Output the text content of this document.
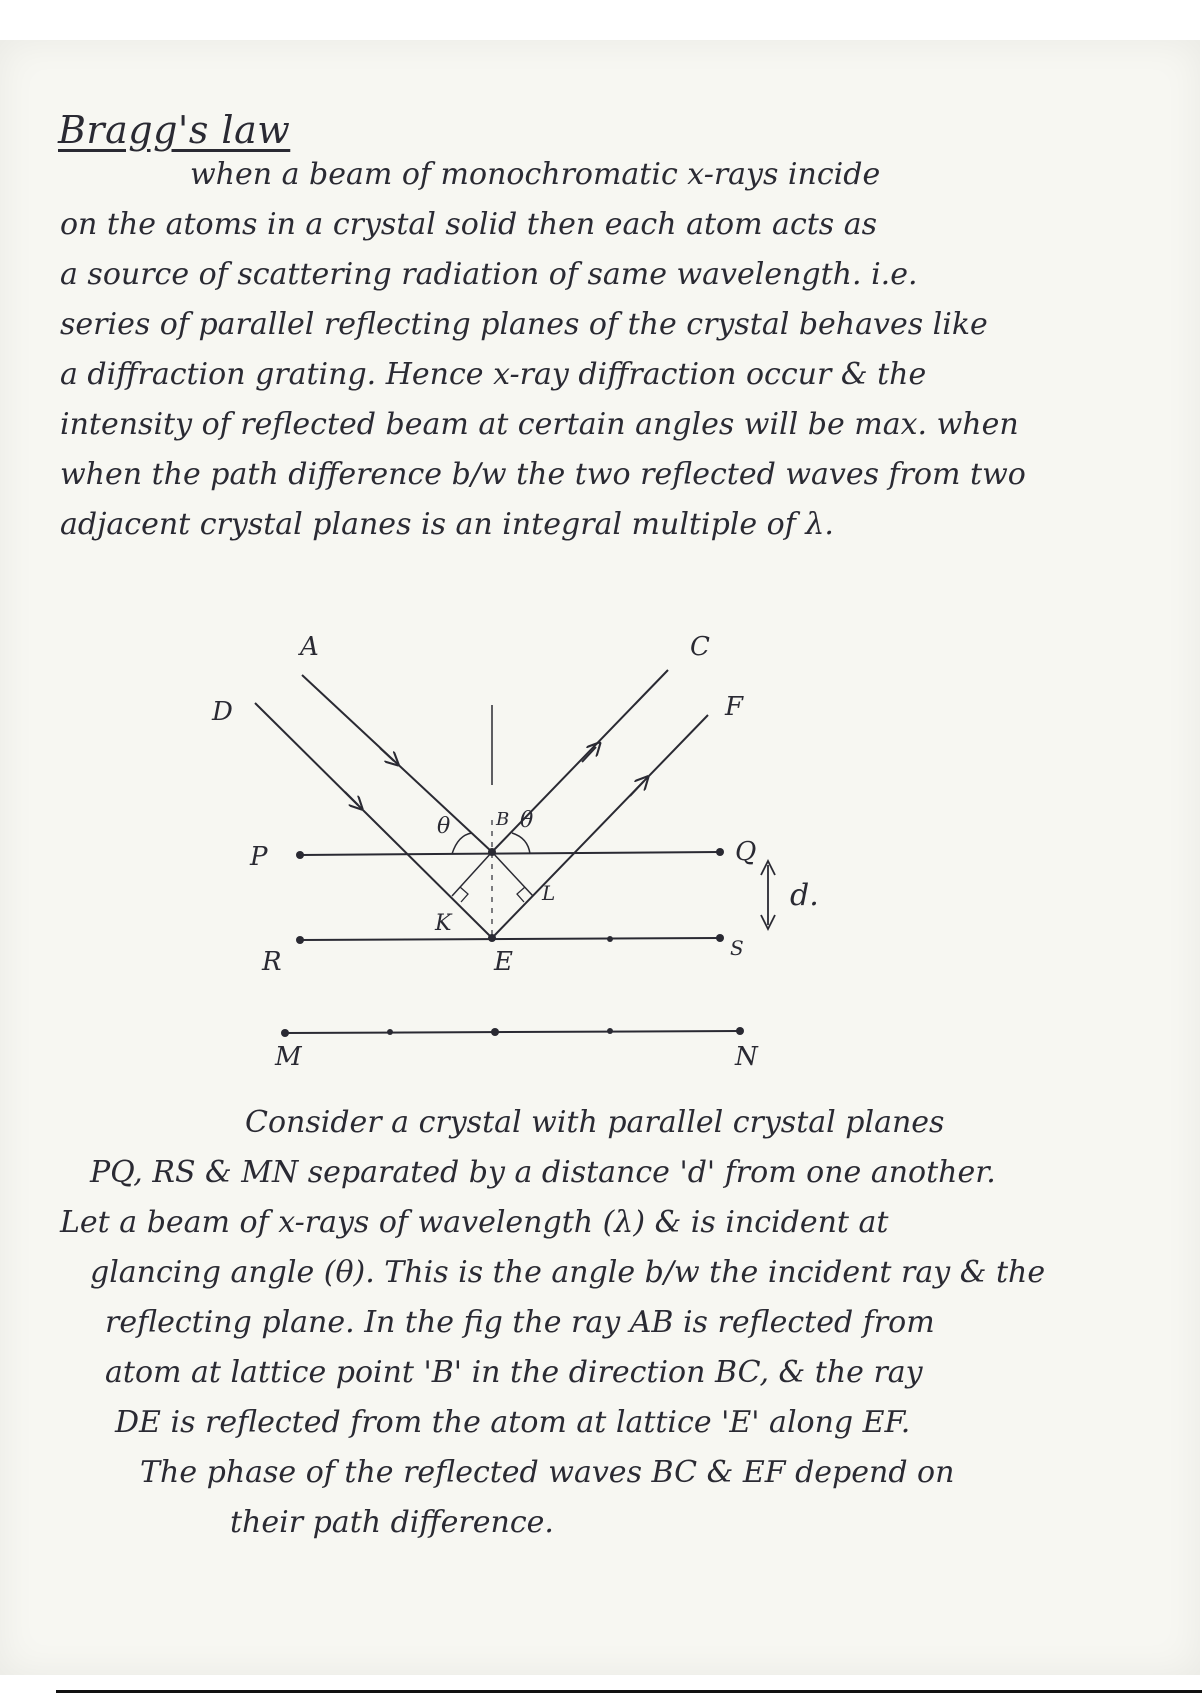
Bragg's law
when a beam of monochromatic x-rays incide
on the atoms in a crystal solid then each atom acts as
a source of scattering radiation of same wavelength. i.e.
series of parallel reflecting planes of the crystal behaves like
a diffraction grating. Hence x-ray diffraction occur & the
intensity of reflected beam at certain angles will be max. when
when the path difference b/w the two reflected waves from two
adjacent crystal planes is an integral multiple of λ.
A	C
D	F
P	Q
R	S
M	N
B
E
K
L
θ	θ
d.
Consider a crystal with parallel crystal planes
PQ, RS & MN separated by a distance 'd' from one another.
Let a beam of x-rays of wavelength (λ) & is incident at
glancing angle (θ). This is the angle b/w the incident ray & the
reflecting plane. In the fig the ray AB is reflected from
atom at lattice point 'B' in the direction BC, & the ray
DE is reflected from the atom at lattice 'E' along EF.
The phase of the reflected waves BC & EF depend on
their path difference.
